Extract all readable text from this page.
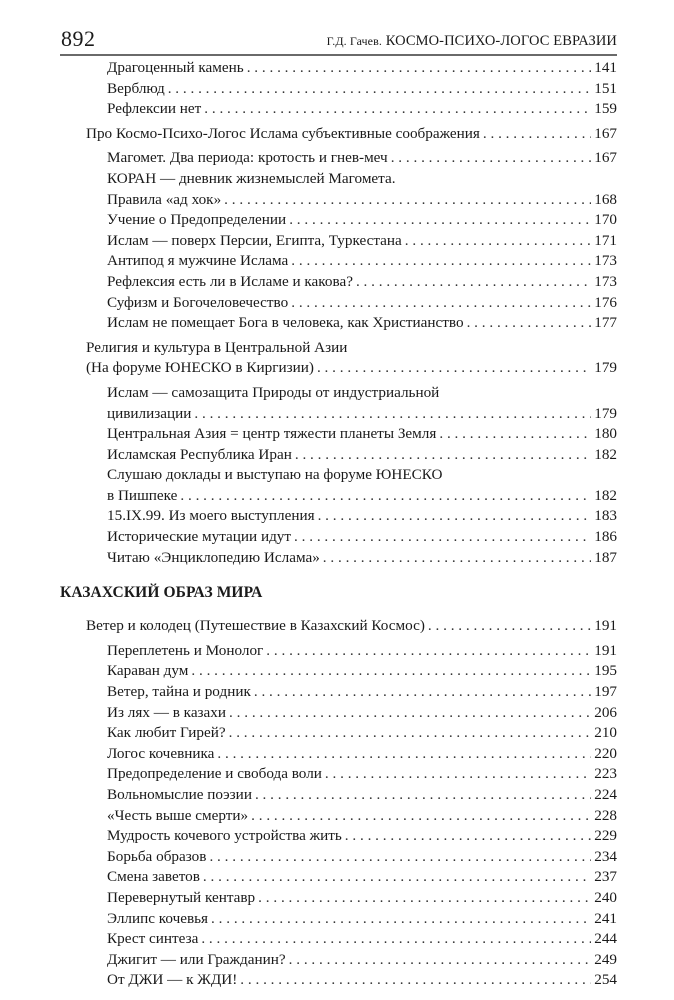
892	Г.Д. Гачев. КОСМО-ПСИХО-ЛОГОС ЕВРАЗИИ
Драгоценный камень . . .	141
Верблюд . . .	151
Рефлексии нет . . .	159
Про Космо-Психо-Логос Ислама субъективные соображения . . .	167
Магомет. Два периода: кротость и гнев-меч . . .	167
КОРАН — дневник жизнемыслей Магомета.
Правила «ад хок» . . .	168
Учение о Предопределении . . .	170
Ислам — поверх Персии, Египта, Туркестана . . .	171
Антипод я мужчине Ислама . . .	173
Рефлексия есть ли в Исламе и какова? . . .	173
Суфизм и Богочеловечество . . .	176
Ислам не помещает Бога в человека, как Христианство . . .	177
Религия и культура в Центральной Азии
(На форуме ЮНЕСКО в Киргизии) . . .	179
Ислам — самозащита Природы от индустриальной
цивилизации . . .	179
Центральная Азия = центр тяжести планеты Земля . . .	180
Исламская Республика Иран . . .	182
Слушаю доклады и выступаю на форуме ЮНЕСКО
в Пишпеке . . .	182
15.IX.99. Из моего выступления . . .	183
Исторические мутации идут . . .	186
Читаю «Энциклопедию Ислама» . . .	187
КАЗАХСКИЙ ОБРАЗ МИРА
Ветер и колодец (Путешествие в Казахский Космос) . . .	191
Переплетень и Монолог . . .	191
Караван дум . . .	195
Ветер, тайна и родник . . .	197
Из лях — в казахи . . .	206
Как любит Гирей? . . .	210
Логос кочевника . . .	220
Предопределение и свобода воли . . .	223
Вольномыслие поэзии . . .	224
«Честь выше смерти» . . .	228
Мудрость кочевого устройства жить . . .	229
Борьба образов . . .	234
Смена заветов . . .	237
Перевернутый кентавр . . .	240
Эллипс кочевья . . .	241
Крест синтеза . . .	244
Джигит — или Гражданин? . . .	249
От ДЖИ — к ЖДИ! . . .	254
